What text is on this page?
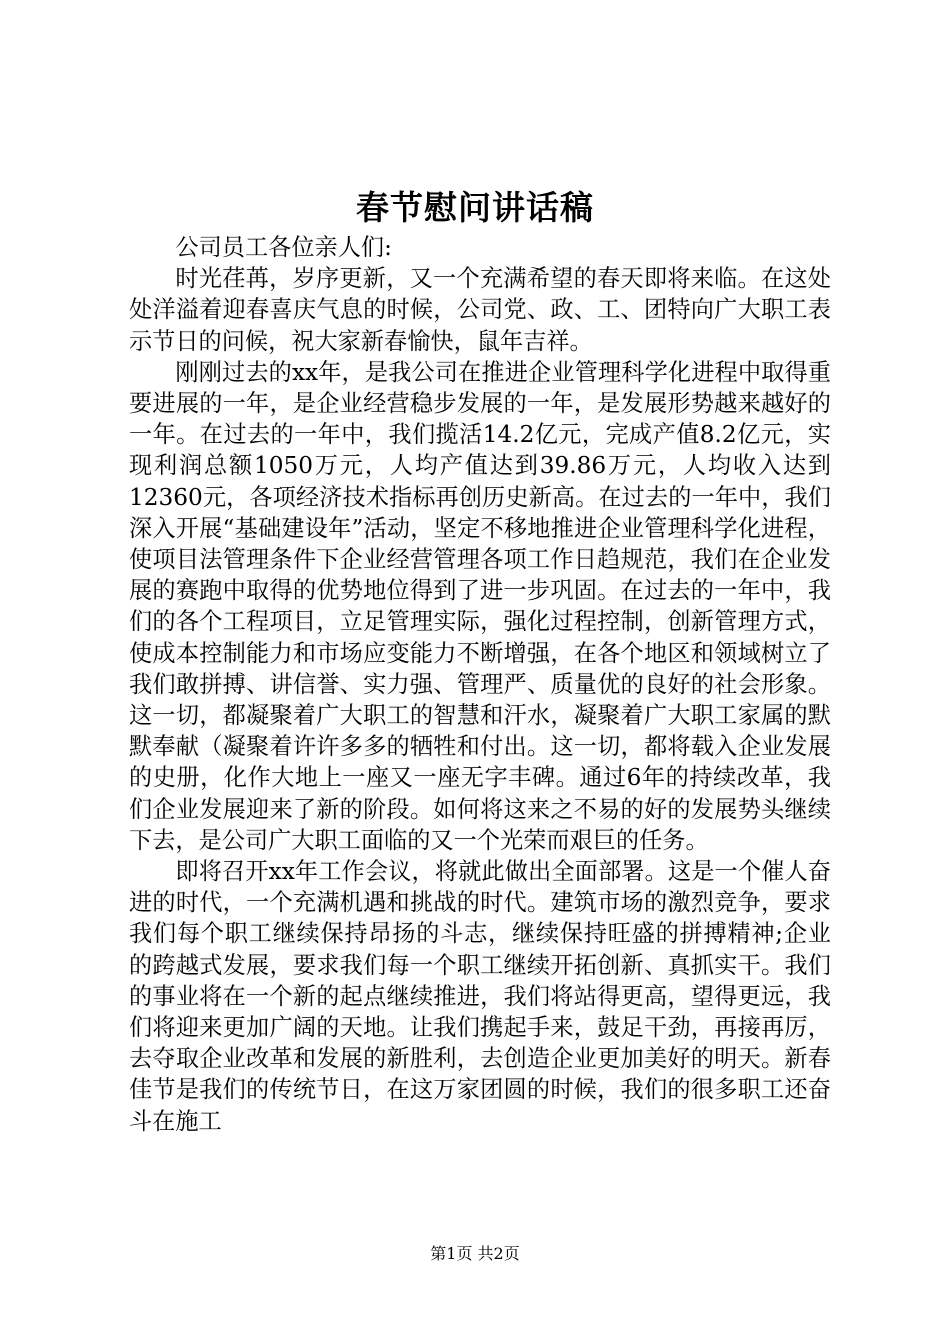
春节慰问讲话稿

公司员工各位亲人们:

时光荏苒，岁序更新，又一个充满希望的春天即将来临。在这处处洋溢着迎春喜庆气息的时候，公司党、政、工、团特向广大职工表示节日的问候，祝大家新春愉快，鼠年吉祥。

刚刚过去的xx年，是我公司在推进企业管理科学化进程中取得重要进展的一年，是企业经营稳步发展的一年，是发展形势越来越好的一年。在过去的一年中，我们揽活14.2亿元，完成产值8.2亿元，实现利润总额1050万元，人均产值达到39.86万元，人均收入达到12360元，各项经济技术指标再创历史新高。在过去的一年中，我们深入开展“基础建设年”活动，坚定不移地推进企业管理科学化进程，使项目法管理条件下企业经营管理各项工作日趋规范，我们在企业发展的赛跑中取得的优势地位得到了进一步巩固。在过去的一年中，我们的各个工程项目，立足管理实际，强化过程控制，创新管理方式，使成本控制能力和市场应变能力不断增强，在各个地区和领域树立了我们敢拼搏、讲信誉、实力强、管理严、质量优的良好的社会形象。这一切，都凝聚着广大职工的智慧和汗水，凝聚着广大职工家属的默默奉献（凝聚着许许多多的牺牲和付出。这一切，都将载入企业发展的史册，化作大地上一座又一座无字丰碑。通过6年的持续改革，我们企业发展迎来了新的阶段。如何将这来之不易的好的发展势头继续下去，是公司广大职工面临的又一个光荣而艰巨的任务。

即将召开xx年工作会议，将就此做出全面部署。这是一个催人奋进的时代，一个充满机遇和挑战的时代。建筑市场的激烈竞争，要求我们每个职工继续保持昂扬的斗志，继续保持旺盛的拼搏精神;企业的跨越式发展，要求我们每一个职工继续开拓创新、真抓实干。我们的事业将在一个新的起点继续推进，我们将站得更高，望得更远，我们将迎来更加广阔的天地。让我们携起手来，鼓足干劲，再接再厉，去夺取企业改革和发展的新胜利，去创造企业更加美好的明天。新春佳节是我们的传统节日，在这万家团圆的时候，我们的很多职工还奋斗在施工

第1页 共2页
